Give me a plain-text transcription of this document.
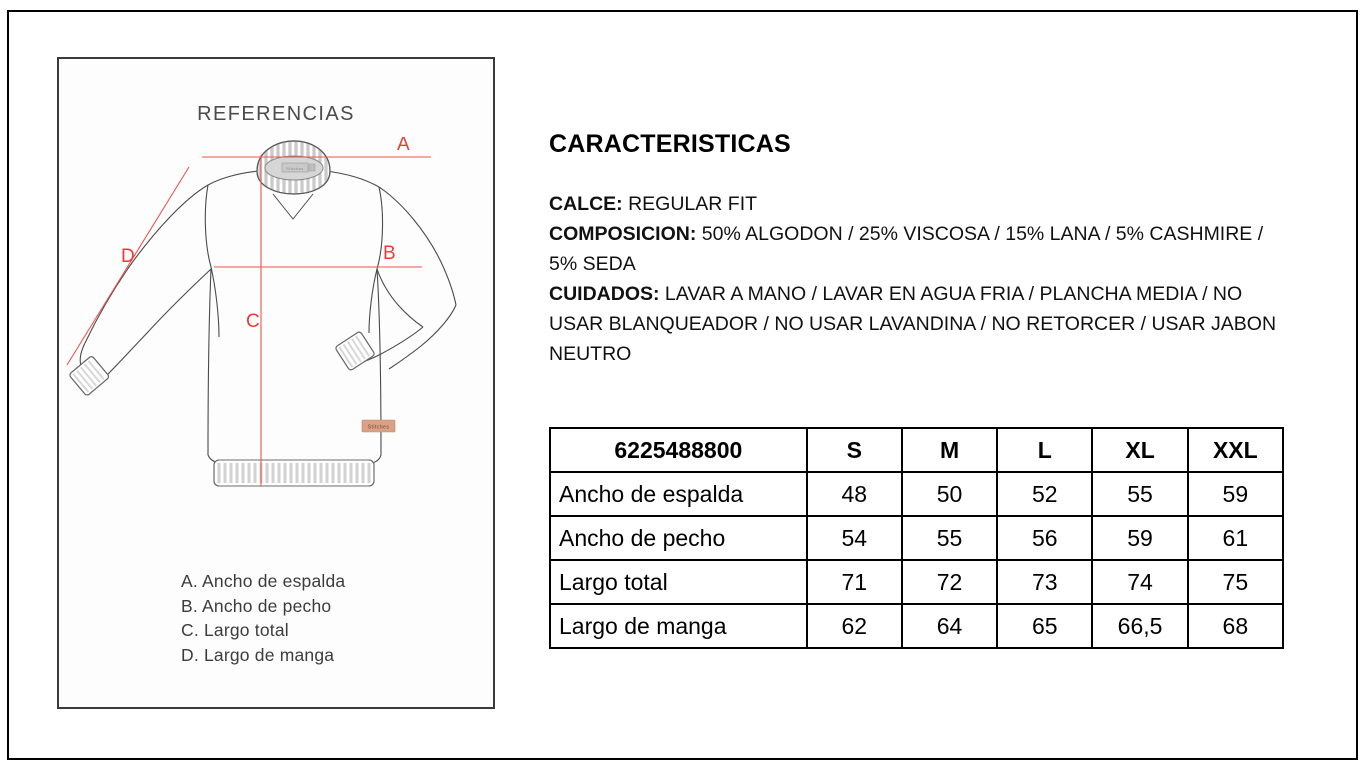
REFERENCIAS
Stitches
Stitches
A
B
C
D
A. Ancho de espalda
B. Ancho de pecho
C. Largo total
D. Largo de manga
CARACTERISTICAS

CALCE: REGULAR FIT

COMPOSICION: 50% ALGODON / 25% VISCOSA / 15% LANA / 5% CASHMIRE / 5% SEDA

CUIDADOS: LAVAR A MANO / LAVAR EN AGUA FRIA / PLANCHA MEDIA / NO USAR BLANQUEADOR / NO USAR LAVANDINA / NO RETORCER / USAR JABON NEUTRO

6225488800	S	M	L	XL	XXL
Ancho de espalda	48	50	52	55	59
Ancho de pecho	54	55	56	59	61
Largo total	71	72	73	74	75
Largo de manga	62	64	65	66,5	68
